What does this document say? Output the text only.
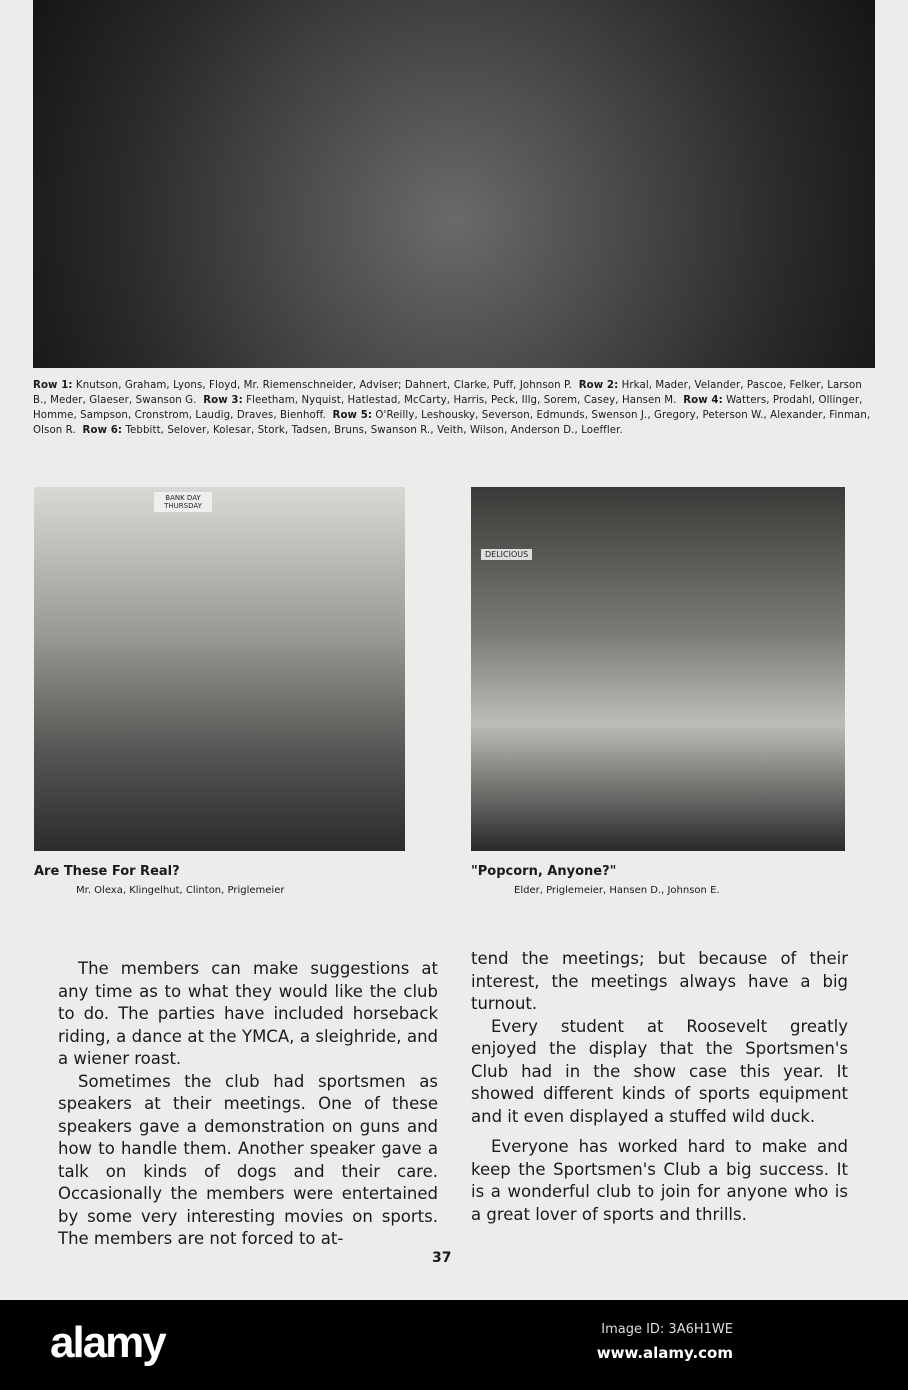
Row 1: Knutson, Graham, Lyons, Floyd, Mr. Riemenschneider, Adviser; Dahnert, Clarke, Puff, Johnson P. Row 2: Hrkal, Mader, Velander, Pascoe, Felker, Larson B., Meder, Glaeser, Swanson G. Row 3: Fleetham, Nyquist, Hatlestad, McCarty, Harris, Peck, Illg, Sorem, Casey, Hansen M. Row 4: Watters, Prodahl, Ollinger, Homme, Sampson, Cronstrom, Laudig, Draves, Bienhoff. Row 5: O'Reilly, Leshousky, Severson, Edmunds, Swenson J., Gregory, Peterson W., Alexander, Finman, Olson R. Row 6: Tebbitt, Selover, Kolesar, Stork, Tadsen, Bruns, Swanson R., Veith, Wilson, Anderson D., Loeffler.
BANK DAY THURSDAY
DELICIOUS
Are These For Real?
Mr. Olexa, Klingelhut, Clinton, Priglemeier
"Popcorn, Anyone?"
Elder, Priglemeier, Hansen D., Johnson E.

The members can make suggestions at any time as to what they would like the club to do. The parties have included horseback riding, a dance at the YMCA, a sleighride, and a wiener roast.

Sometimes the club had sportsmen as speakers at their meetings. One of these speakers gave a demonstration on guns and how to handle them. Another speaker gave a talk on kinds of dogs and their care. Occasionally the members were entertained by some very interesting movies on sports. The members are not forced to at-

tend the meetings; but because of their interest, the meetings always have a big turnout.

Every student at Roosevelt greatly enjoyed the display that the Sportsmen's Club had in the show case this year. It showed different kinds of sports equipment and it even displayed a stuffed wild duck.

Everyone has worked hard to make and keep the Sportsmen's Club a big success. It is a wonderful club to join for anyone who is a great lover of sports and thrills.

37
alamy	Image ID: 3A6H1WE
www.alamy.com
